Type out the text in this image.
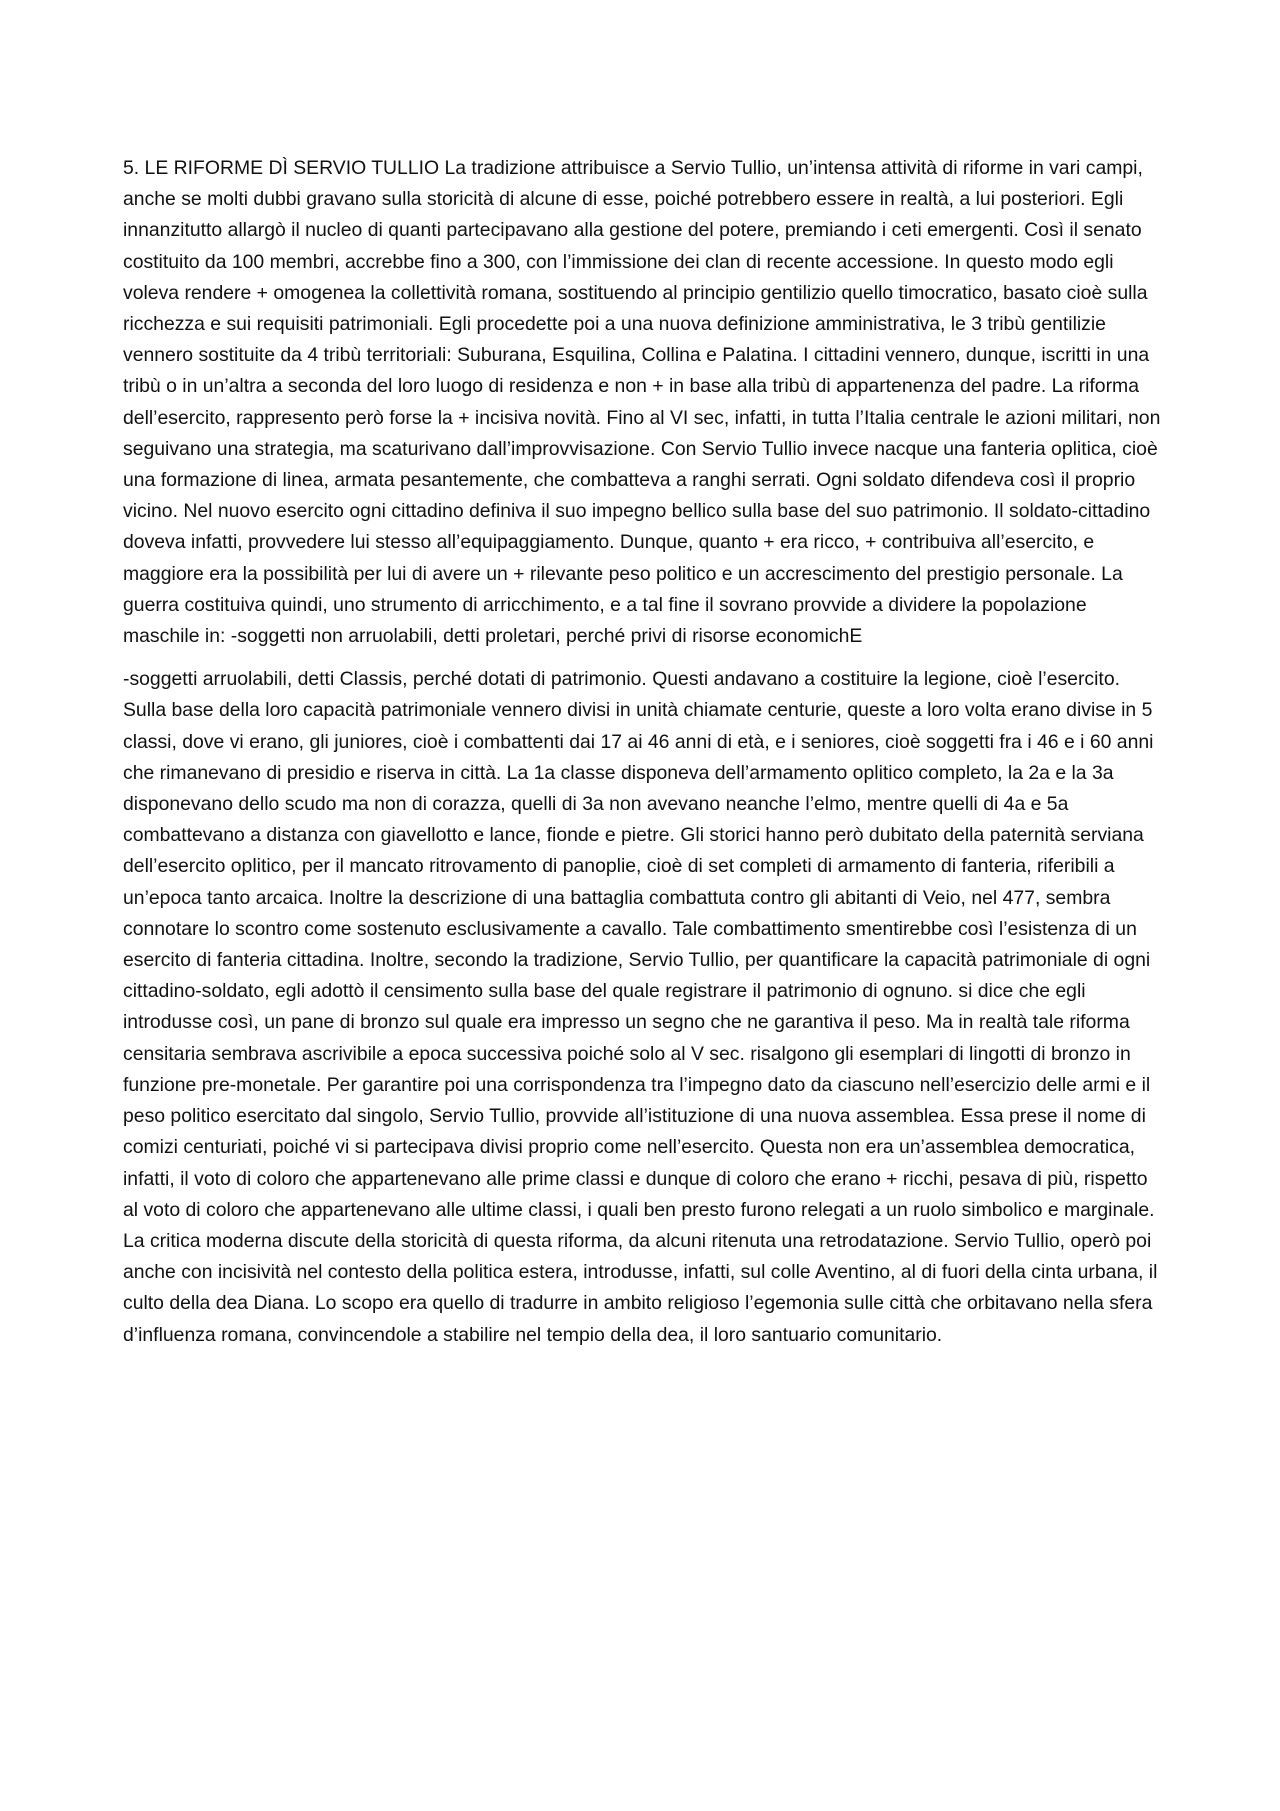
5. LE RIFORME DÌ SERVIO TULLIO La tradizione attribuisce a Servio Tullio, un’intensa attività di riforme in vari campi, anche se molti dubbi gravano sulla storicità di alcune di esse, poiché potrebbero essere in realtà, a lui posteriori. Egli innanzitutto allargò il nucleo di quanti partecipavano alla gestione del potere, premiando i ceti emergenti. Così il senato costituito da 100 membri, accrebbe fino a 300, con l’immissione dei clan di recente accessione. In questo modo egli voleva rendere + omogenea la collettività romana, sostituendo al principio gentilizio quello timocratico, basato cioè sulla ricchezza e sui requisiti patrimoniali. Egli procedette poi a una nuova definizione amministrativa, le 3 tribù gentilizie vennero sostituite da 4 tribù territoriali: Suburana, Esquilina, Collina e Palatina. I cittadini vennero, dunque, iscritti in una tribù o in un’altra a seconda del loro luogo di residenza e non + in base alla tribù di appartenenza del padre. La riforma dell’esercito, rappresento però forse la + incisiva novità. Fino al VI sec, infatti, in tutta l’Italia centrale le azioni militari, non seguivano una strategia, ma scaturivano dall’improvvisazione. Con Servio Tullio invece nacque una fanteria oplitica, cioè una formazione di linea, armata pesantemente, che combatteva a ranghi serrati. Ogni soldato difendeva così il proprio vicino. Nel nuovo esercito ogni cittadino definiva il suo impegno bellico sulla base del suo patrimonio. Il soldato-cittadino doveva infatti, provvedere lui stesso all’equipaggiamento. Dunque, quanto + era ricco, + contribuiva all’esercito, e maggiore era la possibilità per lui di avere un + rilevante peso politico e un accrescimento del prestigio personale. La guerra costituiva quindi, uno strumento di arricchimento, e a tal fine il sovrano provvide a dividere la popolazione maschile in: -soggetti non arruolabili, detti proletari, perché privi di risorse economichE

-soggetti arruolabili, detti Classis, perché dotati di patrimonio. Questi andavano a costituire la legione, cioè l’esercito. Sulla base della loro capacità patrimoniale vennero divisi in unità chiamate centurie, queste a loro volta erano divise in 5 classi, dove vi erano, gli juniores, cioè i combattenti dai 17 ai 46 anni di età, e i seniores, cioè soggetti fra i 46 e i 60 anni che rimanevano di presidio e riserva in città. La 1a classe disponeva dell’armamento oplitico completo, la 2a e la 3a disponevano dello scudo ma non di corazza, quelli di 3a non avevano neanche l’elmo, mentre quelli di 4a e 5a combattevano a distanza con giavellotto e lance, fionde e pietre. Gli storici hanno però dubitato della paternità serviana dell’esercito oplitico, per il mancato ritrovamento di panoplie, cioè di set completi di armamento di fanteria, riferibili a un’epoca tanto arcaica. Inoltre la descrizione di una battaglia combattuta contro gli abitanti di Veio, nel 477, sembra connotare lo scontro come sostenuto esclusivamente a cavallo. Tale combattimento smentirebbe così l’esistenza di un esercito di fanteria cittadina. Inoltre, secondo la tradizione, Servio Tullio, per quantificare la capacità patrimoniale di ogni cittadino-soldato, egli adottò il censimento sulla base del quale registrare il patrimonio di ognuno. si dice che egli introdusse così, un pane di bronzo sul quale era impresso un segno che ne garantiva il peso. Ma in realtà tale riforma censitaria sembrava ascrivibile a epoca successiva poiché solo al V sec. risalgono gli esemplari di lingotti di bronzo in funzione pre-monetale. Per garantire poi una corrispondenza tra l’impegno dato da ciascuno nell’esercizio delle armi e il peso politico esercitato dal singolo, Servio Tullio, provvide all’istituzione di una nuova assemblea. Essa prese il nome di comizi centuriati, poiché vi si partecipava divisi proprio come nell’esercito. Questa non era un’assemblea democratica, infatti, il voto di coloro che appartenevano alle prime classi e dunque di coloro che erano + ricchi, pesava di più, rispetto al voto di coloro che appartenevano alle ultime classi, i quali ben presto furono relegati a un ruolo simbolico e marginale. La critica moderna discute della storicità di questa riforma, da alcuni ritenuta una retrodatazione. Servio Tullio, operò poi anche con incisività nel contesto della politica estera, introdusse, infatti, sul colle Aventino, al di fuori della cinta urbana, il culto della dea Diana. Lo scopo era quello di tradurre in ambito religioso l’egemonia sulle città che orbitavano nella sfera d’influenza romana, convincendole a stabilire nel tempio della dea, il loro santuario comunitario.
